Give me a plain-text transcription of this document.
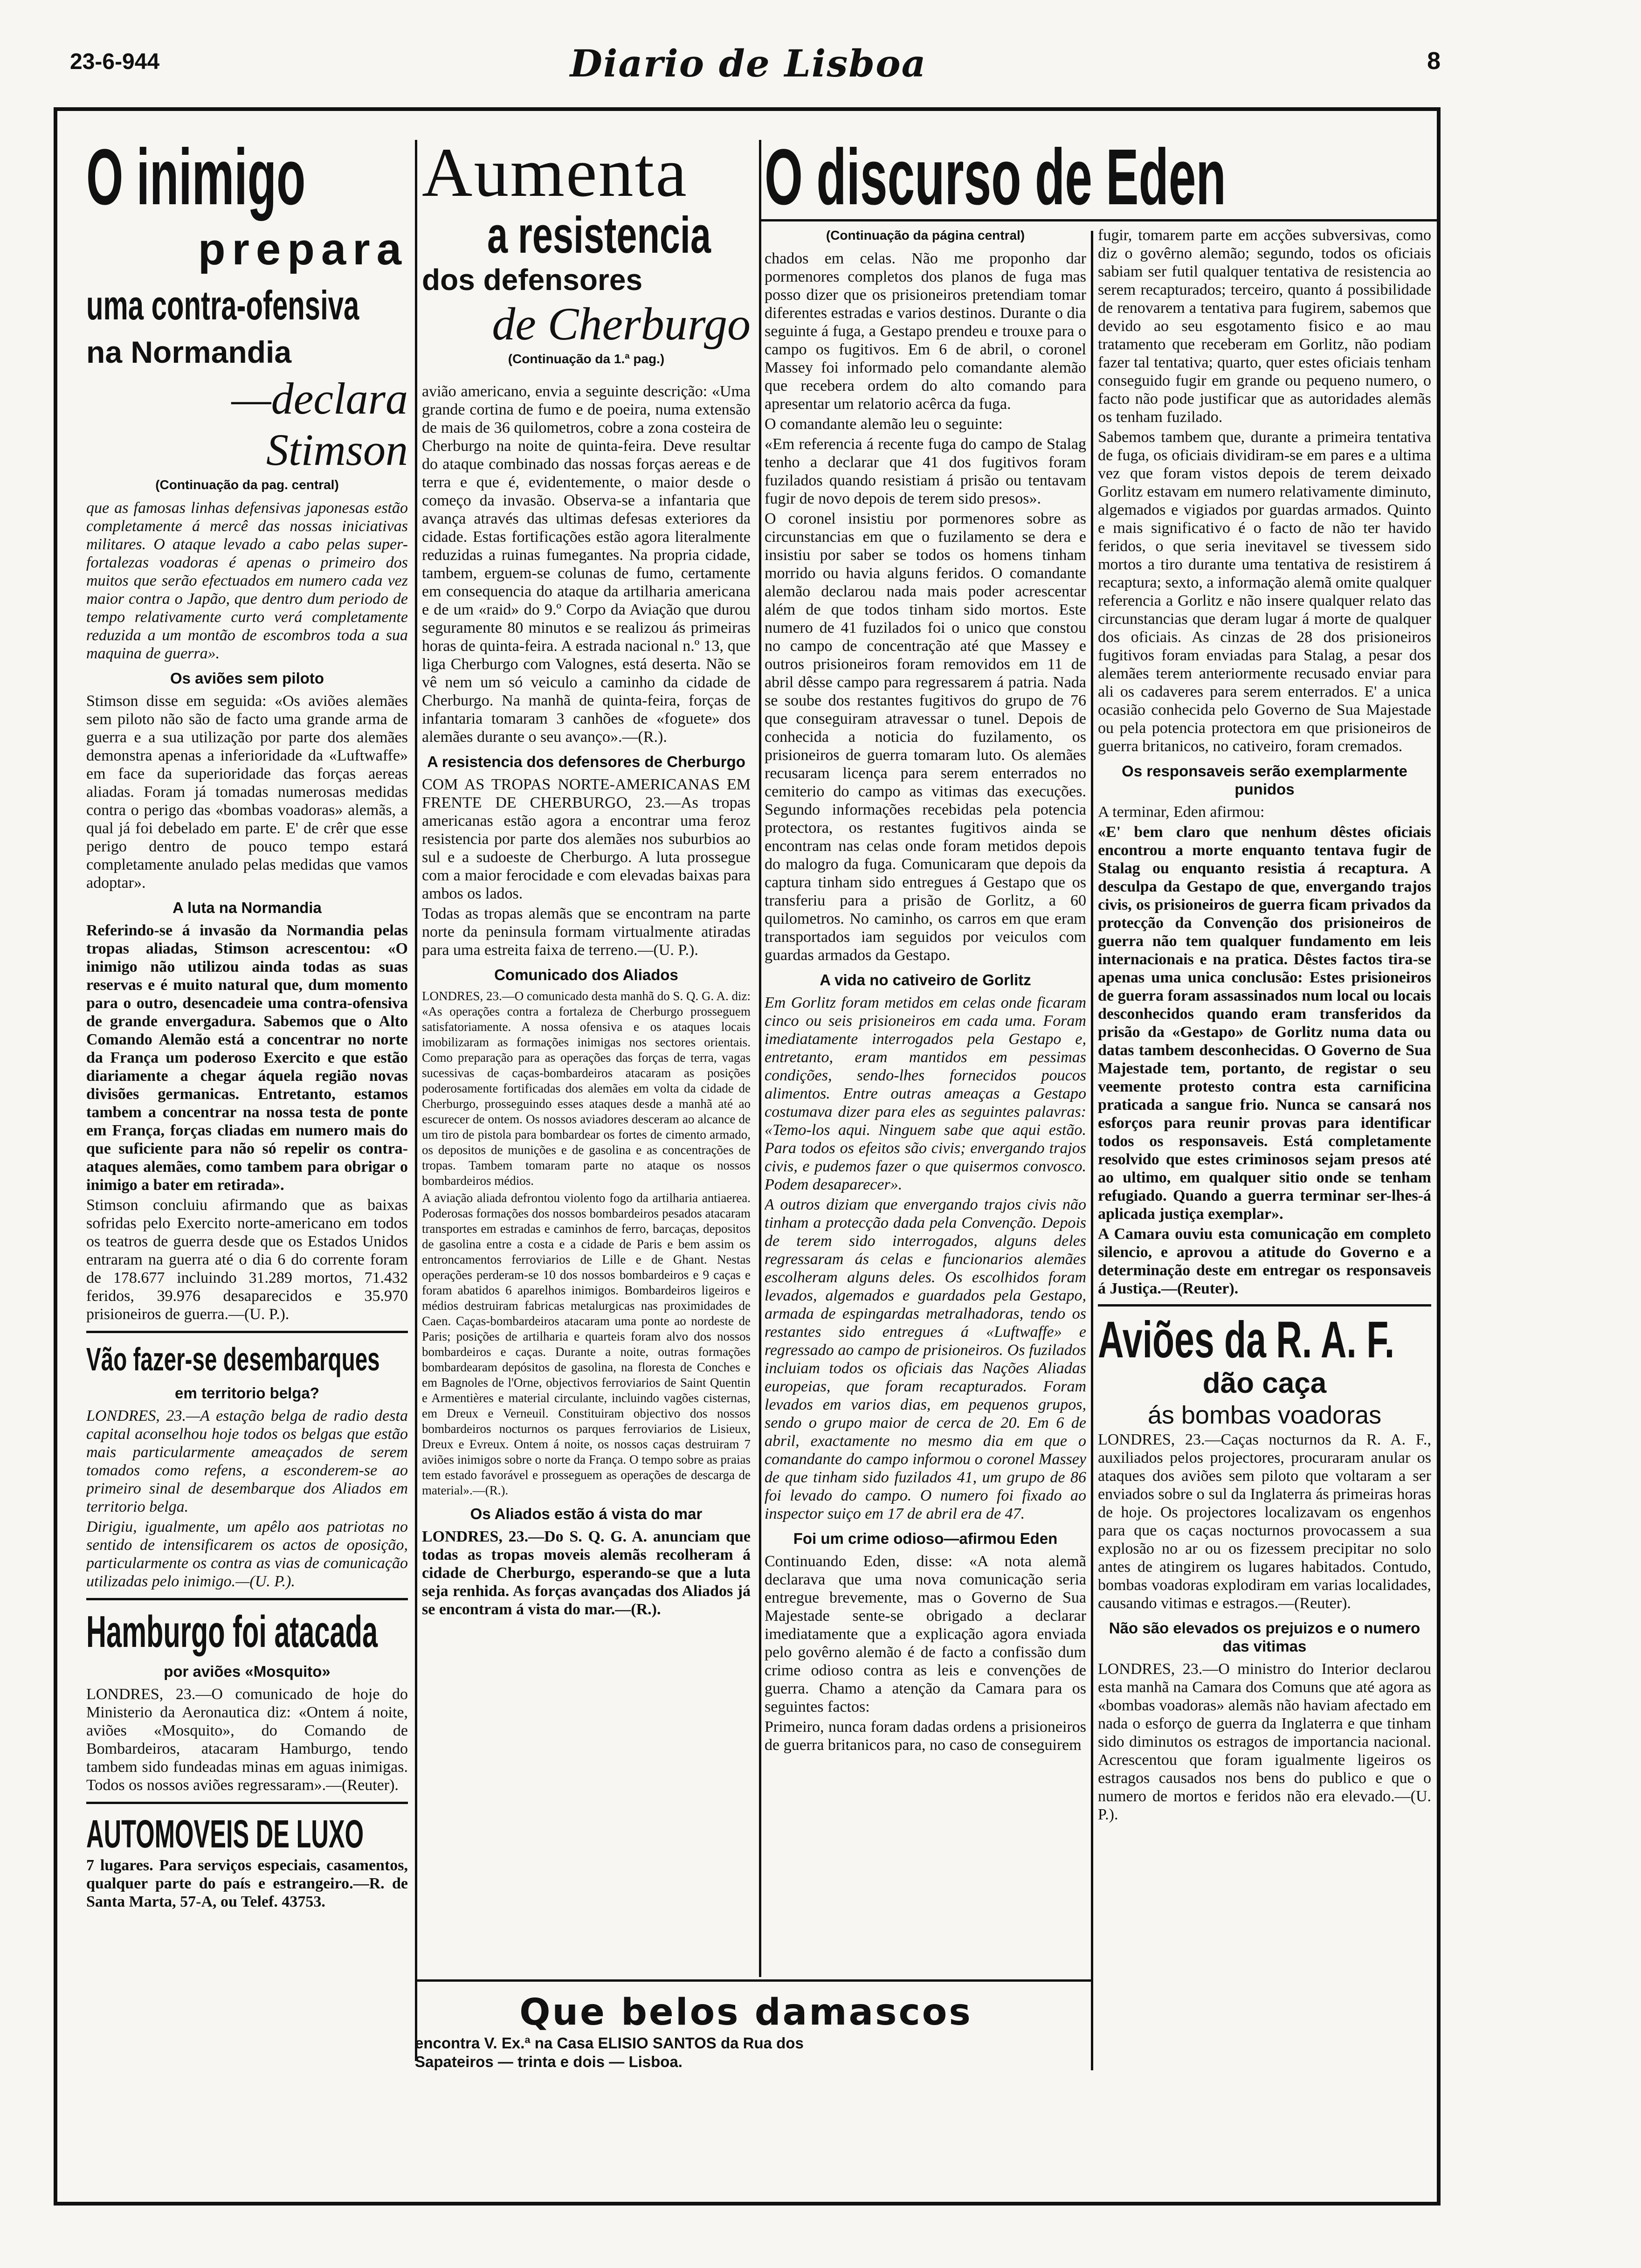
23-6-944	Diario de Lisboa	8
O inimigo
prepara
uma contra-ofensiva
na Normandia
—declara Stimson
(Continuação da pag. central)

que as famosas linhas defensivas japonesas estão completamente á mercê das nossas iniciativas militares. O ataque levado a cabo pelas super-fortalezas voadoras é apenas o primeiro dos muitos que serão efectuados em numero cada vez maior contra o Japão, que dentro dum periodo de tempo relativamente curto verá completamente reduzida a um montão de escombros toda a sua maquina de guerra».

Os aviões sem piloto

Stimson disse em seguida: «Os aviões alemães sem piloto não são de facto uma grande arma de guerra e a sua utilização por parte dos alemães demonstra apenas a inferioridade da «Luftwaffe» em face da superioridade das forças aereas aliadas. Foram já tomadas numerosas medidas contra o perigo das «bombas voadoras» alemãs, a qual já foi debelado em parte. E' de crêr que esse perigo dentro de pouco tempo estará completamente anulado pelas medidas que vamos adoptar».

A luta na Normandia

Referindo-se á invasão da Normandia pelas tropas aliadas, Stimson acrescentou: «O inimigo não utilizou ainda todas as suas reservas e é muito natural que, dum momento para o outro, desencadeie uma contra-ofensiva de grande envergadura. Sabemos que o Alto Comando Alemão está a concentrar no norte da França um poderoso Exercito e que estão diariamente a chegar áquela região novas divisões germanicas. Entretanto, estamos tambem a concentrar na nossa testa de ponte em França, forças cliadas em numero mais do que suficiente para não só repelir os contra-ataques alemães, como tambem para obrigar o inimigo a bater em retirada».

Stimson concluiu afirmando que as baixas sofridas pelo Exercito norte-americano em todos os teatros de guerra desde que os Estados Unidos entraram na guerra até o dia 6 do corrente foram de 178.677 incluindo 31.289 mortos, 71.432 feridos, 39.976 desaparecidos e 35.970 prisioneiros de guerra.—(U. P.).

Vão fazer-se desembarques
em territorio belga?

LONDRES, 23.—A estação belga de radio desta capital aconselhou hoje todos os belgas que estão mais particularmente ameaçados de serem tomados como refens, a esconderem-se ao primeiro sinal de desembarque dos Aliados em territorio belga.

Dirigiu, igualmente, um apêlo aos patriotas no sentido de intensificarem os actos de oposição, particularmente os contra as vias de comunicação utilizadas pelo inimigo.—(U. P.).

Hamburgo foi atacada
por aviões «Mosquito»

LONDRES, 23.—O comunicado de hoje do Ministerio da Aeronautica diz: «Ontem á noite, aviões «Mosquito», do Comando de Bombardeiros, atacaram Hamburgo, tendo tambem sido fundeadas minas em aguas inimigas. Todos os nossos aviões regressaram».—(Reuter).

AUTOMOVEIS DE LUXO

7 lugares. Para serviços especiais, casamentos, qualquer parte do país e estrangeiro.—R. de Santa Marta, 57-A, ou Telef. 43753.

Aumenta
a resistencia
dos defensores
de Cherburgo
(Continuação da 1.ª pag.)

avião americano, envia a seguinte descrição: «Uma grande cortina de fumo e de poeira, numa extensão de mais de 36 quilometros, cobre a zona costeira de Cherburgo na noite de quinta-feira. Deve resultar do ataque combinado das nossas forças aereas e de terra e que é, evidentemente, o maior desde o começo da invasão. Observa-se a infantaria que avança através das ultimas defesas exteriores da cidade. Estas fortificações estão agora literalmente reduzidas a ruinas fumegantes. Na propria cidade, tambem, erguem-se colunas de fumo, certamente em consequencia do ataque da artilharia americana e de um «raid» do 9.º Corpo da Aviação que durou seguramente 80 minutos e se realizou ás primeiras horas de quinta-feira. A estrada nacional n.º 13, que liga Cherburgo com Valognes, está deserta. Não se vê nem um só veiculo a caminho da cidade de Cherburgo. Na manhã de quinta-feira, forças de infantaria tomaram 3 canhões de «foguete» dos alemães durante o seu avanço».—(R.).

A resistencia dos defensores de Cherburgo

COM AS TROPAS NORTE-AMERICANAS EM FRENTE DE CHERBURGO, 23.—As tropas americanas estão agora a encontrar uma feroz resistencia por parte dos alemães nos suburbios ao sul e a sudoeste de Cherburgo. A luta prossegue com a maior ferocidade e com elevadas baixas para ambos os lados.

Todas as tropas alemãs que se encontram na parte norte da peninsula formam virtualmente atiradas para uma estreita faixa de terreno.—(U. P.).

Comunicado dos Aliados

LONDRES, 23.—O comunicado desta manhã do S. Q. G. A. diz: «As operações contra a fortaleza de Cherburgo prosseguem satisfatoriamente. A nossa ofensiva e os ataques locais imobilizaram as formações inimigas nos sectores orientais. Como preparação para as operações das forças de terra, vagas sucessivas de caças-bombardeiros atacaram as posições poderosamente fortificadas dos alemães em volta da cidade de Cherburgo, prosseguindo esses ataques desde a manhã até ao escurecer de ontem. Os nossos aviadores desceram ao alcance de um tiro de pistola para bombardear os fortes de cimento armado, os depositos de munições e de gasolina e as concentrações de tropas. Tambem tomaram parte no ataque os nossos bombardeiros médios.

A aviação aliada defrontou violento fogo da artilharia antiaerea. Poderosas formações dos nossos bombardeiros pesados atacaram transportes em estradas e caminhos de ferro, barcaças, depositos de gasolina entre a costa e a cidade de Paris e bem assim os entroncamentos ferroviarios de Lille e de Ghant. Nestas operações perderam-se 10 dos nossos bombardeiros e 9 caças e foram abatidos 6 aparelhos inimigos. Bombardeiros ligeiros e médios destruiram fabricas metalurgicas nas proximidades de Caen. Caças-bombardeiros atacaram uma ponte ao nordeste de Paris; posições de artilharia e quarteis foram alvo dos nossos bombardeiros e caças. Durante a noite, outras formações bombardearam depósitos de gasolina, na floresta de Conches e em Bagnoles de l'Orne, objectivos ferroviarios de Saint Quentin e Armentières e material circulante, incluindo vagões cisternas, em Dreux e Verneuil. Constituiram objectivo dos nossos bombardeiros nocturnos os parques ferroviarios de Lisieux, Dreux e Evreux. Ontem á noite, os nossos caças destruiram 7 aviões inimigos sobre o norte da França. O tempo sobre as praias tem estado favorável e prosseguem as operações de descarga de material».—(R.).

Os Aliados estão á vista do mar

LONDRES, 23.—Do S. Q. G. A. anunciam que todas as tropas moveis alemãs recolheram á cidade de Cherburgo, esperando-se que a luta seja renhida. As forças avançadas dos Aliados já se encontram á vista do mar.—(R.).

O discurso de Eden
(Continuação da página central)

chados em celas. Não me proponho dar pormenores completos dos planos de fuga mas posso dizer que os prisioneiros pretendiam tomar diferentes estradas e varios destinos. Durante o dia seguinte á fuga, a Gestapo prendeu e trouxe para o campo os fugitivos. Em 6 de abril, o coronel Massey foi informado pelo comandante alemão que recebera ordem do alto comando para apresentar um relatorio acêrca da fuga.

O comandante alemão leu o seguinte:

«Em referencia á recente fuga do campo de Stalag tenho a declarar que 41 dos fugitivos foram fuzilados quando resistiam á prisão ou tentavam fugir de novo depois de terem sido presos».

O coronel insistiu por pormenores sobre as circunstancias em que o fuzilamento se dera e insistiu por saber se todos os homens tinham morrido ou havia alguns feridos. O comandante alemão declarou nada mais poder acrescentar além de que todos tinham sido mortos. Este numero de 41 fuzilados foi o unico que constou no campo de concentração até que Massey e outros prisioneiros foram removidos em 11 de abril dêsse campo para regressarem á patria. Nada se soube dos restantes fugitivos do grupo de 76 que conseguiram atravessar o tunel. Depois de conhecida a noticia do fuzilamento, os prisioneiros de guerra tomaram luto. Os alemães recusaram licença para serem enterrados no cemiterio do campo as vitimas das execuções. Segundo informações recebidas pela potencia protectora, os restantes fugitivos ainda se encontram nas celas onde foram metidos depois do malogro da fuga. Comunicaram que depois da captura tinham sido entregues á Gestapo que os transferiu para a prisão de Gorlitz, a 60 quilometros. No caminho, os carros em que eram transportados iam seguidos por veiculos com guardas armados da Gestapo.

A vida no cativeiro de Gorlitz

Em Gorlitz foram metidos em celas onde ficaram cinco ou seis prisioneiros em cada uma. Foram imediatamente interrogados pela Gestapo e, entretanto, eram mantidos em pessimas condições, sendo-lhes fornecidos poucos alimentos. Entre outras ameaças a Gestapo costumava dizer para eles as seguintes palavras: «Temo-los aqui. Ninguem sabe que aqui estão. Para todos os efeitos são civis; envergando trajos civis, e pudemos fazer o que quisermos convosco. Podem desaparecer».

A outros diziam que envergando trajos civis não tinham a protecção dada pela Convenção. Depois de terem sido interrogados, alguns deles regressaram ás celas e funcionarios alemães escolheram alguns deles. Os escolhidos foram levados, algemados e guardados pela Gestapo, armada de espingardas metralhadoras, tendo os restantes sido entregues á «Luftwaffe» e regressado ao campo de prisioneiros. Os fuzilados incluiam todos os oficiais das Nações Aliadas europeias, que foram recapturados. Foram levados em varios dias, em pequenos grupos, sendo o grupo maior de cerca de 20. Em 6 de abril, exactamente no mesmo dia em que o comandante do campo informou o coronel Massey de que tinham sido fuzilados 41, um grupo de 86 foi levado do campo. O numero foi fixado ao inspector suiço em 17 de abril era de 47.

Foi um crime odioso—afirmou Eden

Continuando Eden, disse: «A nota alemã declarava que uma nova comunicação seria entregue brevemente, mas o Governo de Sua Majestade sente-se obrigado a declarar imediatamente que a explicação agora enviada pelo govêrno alemão é de facto a confissão dum crime odioso contra as leis e convenções de guerra. Chamo a atenção da Camara para os seguintes factos:

Primeiro, nunca foram dadas ordens a prisioneiros de guerra britanicos para, no caso de conseguirem

fugir, tomarem parte em acções subversivas, como diz o govêrno alemão; segundo, todos os oficiais sabiam ser futil qualquer tentativa de resistencia ao serem recapturados; terceiro, quanto á possibilidade de renovarem a tentativa para fugirem, sabemos que devido ao seu esgotamento fisico e ao mau tratamento que receberam em Gorlitz, não podiam fazer tal tentativa; quarto, quer estes oficiais tenham conseguido fugir em grande ou pequeno numero, o facto não pode justificar que as autoridades alemãs os tenham fuzilado.

Sabemos tambem que, durante a primeira tentativa de fuga, os oficiais dividiram-se em pares e a ultima vez que foram vistos depois de terem deixado Gorlitz estavam em numero relativamente diminuto, algemados e vigiados por guardas armados. Quinto e mais significativo é o facto de não ter havido feridos, o que seria inevitavel se tivessem sido mortos a tiro durante uma tentativa de resistirem á recaptura; sexto, a informação alemã omite qualquer referencia a Gorlitz e não insere qualquer relato das circunstancias que deram lugar á morte de qualquer dos oficiais. As cinzas de 28 dos prisioneiros fugitivos foram enviadas para Stalag, a pesar dos alemães terem anteriormente recusado enviar para ali os cadaveres para serem enterrados. E' a unica ocasião conhecida pelo Governo de Sua Majestade ou pela potencia protectora em que prisioneiros de guerra britanicos, no cativeiro, foram cremados.

Os responsaveis serão exemplarmente punidos

A terminar, Eden afirmou:

«E' bem claro que nenhum dêstes oficiais encontrou a morte enquanto tentava fugir de Stalag ou enquanto resistia á recaptura. A desculpa da Gestapo de que, envergando trajos civis, os prisioneiros de guerra ficam privados da protecção da Convenção dos prisioneiros de guerra não tem qualquer fundamento em leis internacionais e na pratica. Dêstes factos tira-se apenas uma unica conclusão: Estes prisioneiros de guerra foram assassinados num local ou locais desconhecidos quando eram transferidos da prisão da «Gestapo» de Gorlitz numa data ou datas tambem desconhecidas. O Governo de Sua Majestade tem, portanto, de registar o seu veemente protesto contra esta carnificina praticada a sangue frio. Nunca se cansará nos esforços para reunir provas para identificar todos os responsaveis. Está completamente resolvido que estes criminosos sejam presos até ao ultimo, em qualquer sitio onde se tenham refugiado. Quando a guerra terminar ser-lhes-á aplicada justiça exemplar».

A Camara ouviu esta comunicação em completo silencio, e aprovou a atitude do Governo e a determinação deste em entregar os responsaveis á Justiça.—(Reuter).

Aviões da R. A. F.
dão caça
ás bombas voadoras

LONDRES, 23.—Caças nocturnos da R. A. F., auxiliados pelos projectores, procuraram anular os ataques dos aviões sem piloto que voltaram a ser enviados sobre o sul da Inglaterra ás primeiras horas de hoje. Os projectores localizavam os engenhos para que os caças nocturnos provocassem a sua explosão no ar ou os fizessem precipitar no solo antes de atingirem os lugares habitados. Contudo, bombas voadoras explodiram em varias localidades, causando vitimas e estragos.—(Reuter).

Não são elevados os prejuizos e o numero das vitimas

LONDRES, 23.—O ministro do Interior declarou esta manhã na Camara dos Comuns que até agora as «bombas voadoras» alemãs não haviam afectado em nada o esforço de guerra da Inglaterra e que tinham sido diminutos os estragos de importancia nacional. Acrescentou que foram igualmente ligeiros os estragos causados nos bens do publico e que o numero de mortos e feridos não era elevado.—(U. P.).

Que belos damascos
encontra V. Ex.ª na Casa ELISIO SANTOS da Rua dos
Sapateiros — trinta e dois — Lisboa.
